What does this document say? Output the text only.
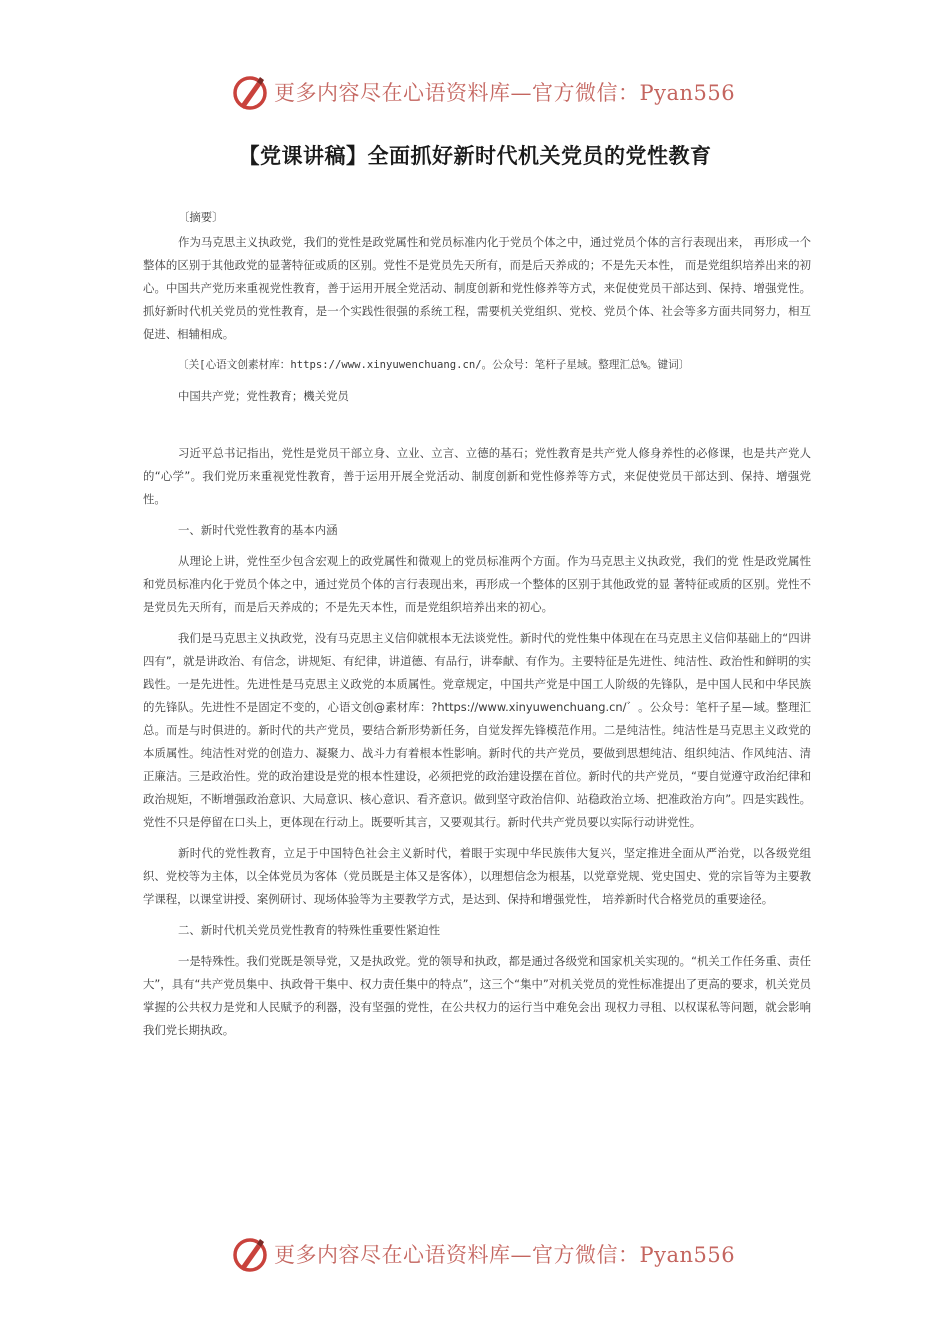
更多内容尽在心语资料库—官方微信：Pyan556
【党课讲稿】全面抓好新时代机关党员的党性教育

〔摘要〕

作为马克思主义执政党，我们的党性是政党属性和党员标准内化于党员个体之中，通过党员个体的言行表现出来， 再形成一个整体的区别于其他政党的显著特征或质的区别。党性不是党员先天所有，而是后天养成的；不是先天本性， 而是党组织培养出来的初心。中国共产党历来重视党性教育，善于运用开展全党活动、制度创新和党性修养等方式，来促使党员干部达到、保持、增强党性。抓好新时代机关党员的党性教育，是一个实践性很强的系统工程，需要机关党组织、党校、党员个体、社会等多方面共同努力，相互促进、相辅相成。

〔关[心语文创素材库：https://www.xinyuwenchuang.cn/。公众号：笔杆子星域。整理汇总%。键词〕

中国共产党；党性教育；機关党员

习近平总书记指出，党性是党员干部立身、立业、立言、立德的基石；党性教育是共产党人修身养性的必修课，也是共产党人的“心学”。我们党历来重视党性教育，善于运用开展全党活动、制度创新和党性修养等方式，来促使党员干部达到、保持、增强党性。

一、新时代党性教育的基本内涵

从理论上讲，党性至少包含宏观上的政党属性和微观上的党员标准两个方面。作为马克思主义执政党，我们的党 性是政党属性和党员标准内化于党员个体之中，通过党员个体的言行表现出来，再形成一个整体的区别于其他政党的显 著特征或质的区别。党性不是党员先天所有，而是后天养成的；不是先天本性，而是党组织培养出来的初心。

我们是马克思主义执政党，没有马克思主义信仰就根本无法谈党性。新时代的党性集中体现在在马克思主义信仰基础上的“四讲四有”，就是讲政治、有信念，讲规矩、有纪律，讲道德、有品行，讲奉献、有作为。主要特征是先进性、纯洁性、政治性和鲜明的实践性。一是先进性。先进性是马克思主义政党的本质属性。党章规定，中国共产党是中国工人阶级的先锋队，是中国人民和中华民族的先锋队。先进性不是固定不变的，心语文创@素材库：?https://www.xinyuwenchuang.cn/゛。公众号：笔杆子星—域。整理汇总。而是与时俱进的。新时代的共产党员，要结合新形势新任务，自觉发挥先锋模范作用。二是纯洁性。纯洁性是马克思主义政党的本质属性。纯洁性对党的创造力、凝聚力、战斗力有着根本性影响。新时代的共产党员，要做到思想纯洁、组织纯洁、作风纯洁、清正廉洁。三是政治性。党的政治建设是党的根本性建设，必须把党的政治建设摆在首位。新时代的共产党员，“要自觉遵守政治纪律和政治规矩，不断增强政治意识、大局意识、核心意识、看齐意识。做到坚守政治信仰、站稳政治立场、把准政治方向”。四是实践性。党性不只是停留在口头上，更体现在行动上。既要听其言，又要观其行。新时代共产党员要以实际行动讲党性。

新时代的党性教育，立足于中国特色社会主义新时代，着眼于实现中华民族伟大复兴，坚定推进全面从严治党，以各级党组织、党校等为主体，以全体党员为客体（党员既是主体又是客体），以理想信念为根基，以党章党规、党史国史、党的宗旨等为主要教学课程，以课堂讲授、案例研讨、现场体验等为主要教学方式，是达到、保持和增强党性， 培养新时代合格党员的重要途径。

二、新时代机关党员党性教育的特殊性重要性紧迫性

一是特殊性。我们党既是领导党，又是执政党。党的领导和执政，都是通过各级党和国家机关实现的。“机关工作任务重、责任大”，具有“共产党员集中、执政骨干集中、权力责任集中的特点”，这三个“集中”对机关党员的党性标准提出了更高的要求，机关党员掌握的公共权力是党和人民赋予的利器，没有坚强的党性，在公共权力的运行当中难免会出 现权力寻租、以权谋私等问题，就会影响我们党长期执政。

更多内容尽在心语资料库—官方微信：Pyan556
